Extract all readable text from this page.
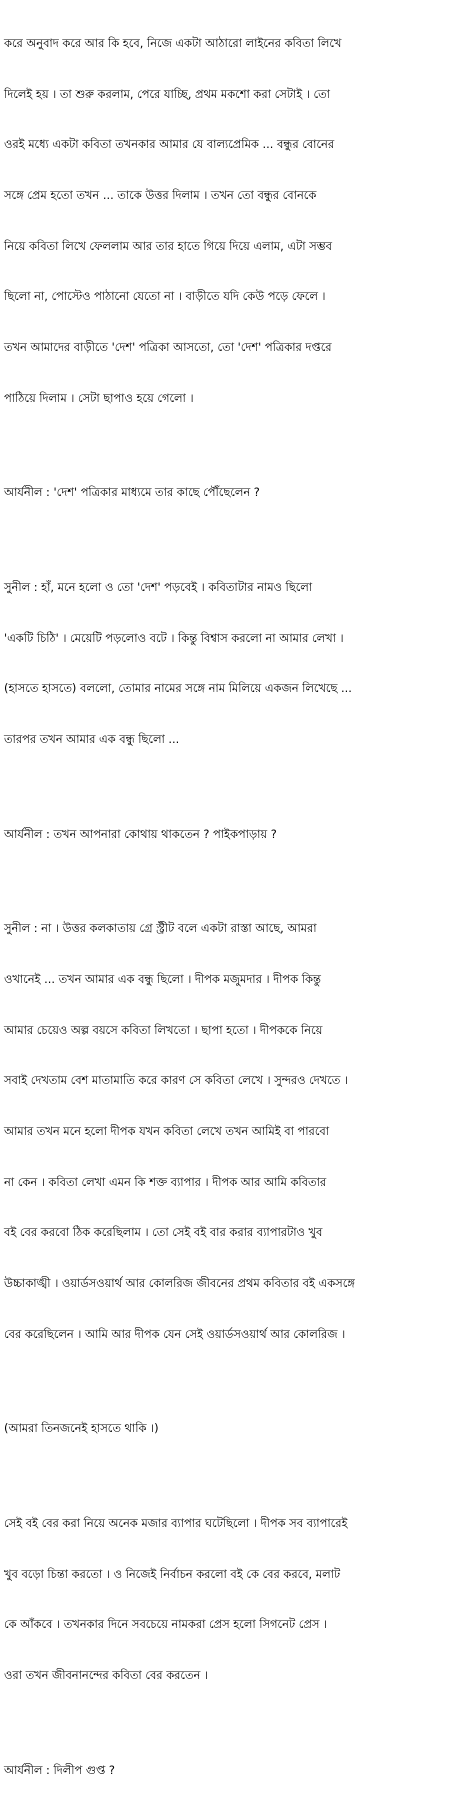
করে অনুবাদ করে আর কি হবে, নিজে একটা আঠারো লাইনের কবিতা লিখে

দিলেই হয় । তা শুরু করলাম, পেরে যাচ্ছি, প্রথম মকশো করা সেটাই । তো

ওরই মধ্যে একটা কবিতা তখনকার আমার যে বাল্যপ্রেমিক ... বন্ধুর বোনের

সঙ্গে প্রেম হতো তখন ... তাকে উত্তর দিলাম । তখন তো বন্ধুর বোনকে

নিয়ে কবিতা লিখে ফেললাম আর তার হাতে গিয়ে দিয়ে এলাম, এটা সম্ভব

ছিলো না, পোস্টেও পাঠানো যেতো না । বাড়ীতে যদি কেউ পড়ে ফেলে ।

তখন আমাদের বাড়ীতে 'দেশ' পত্রিকা আসতো, তো 'দেশ' পত্রিকার দপ্তরে

পাঠিয়ে দিলাম । সেটা ছাপাও হয়ে গেলো ।

আর্যনীল : 'দেশ' পত্রিকার মাধ্যমে তার কাছে পৌঁছেলেন ?

সুনীল : হাঁ, মনে হলো ও তো 'দেশ' পড়বেই । কবিতাটার নামও ছিলো

'একটি চিঠি' । মেয়েটি পড়লোও বটে । কিন্তু বিশ্বাস করলো না আমার লেখা ।

(হাসতে হাসতে) বললো, তোমার নামের সঙ্গে নাম মিলিয়ে একজন লিখেছে ...

তারপর তখন আমার এক বন্ধু ছিলো ...

আর্যনীল : তখন আপনারা কোথায় থাকতেন ? পাইকপাড়ায় ?

সুনীল : না । উত্তর কলকাতায় গ্রে স্ট্রীট বলে একটা রাস্তা আছে, আমরা

ওখানেই ... তখন আমার এক বন্ধু ছিলো । দীপক মজুমদার । দীপক কিন্তু

আমার চেয়েও অল্প বয়সে কবিতা লিখতো । ছাপা হতো । দীপককে নিয়ে

সবাই দেখতাম বেশ মাতামাতি করে কারণ সে কবিতা লেখে । সুন্দরও দেখতে ।

আমার তখন মনে হলো দীপক যখন কবিতা লেখে তখন আমিই বা পারবো

না কেন । কবিতা লেখা এমন কি শক্ত ব্যাপার । দীপক আর আমি কবিতার

বই বের করবো ঠিক করেছিলাম । তো সেই বই বার করার ব্যাপারটাও খুব

উচ্চাকাঙ্খী । ওয়ার্ডসওয়ার্থ আর কোলরিজ জীবনের প্রথম কবিতার বই একসঙ্গে

বের করেছিলেন । আমি আর দীপক যেন সেই ওয়ার্ডসওয়ার্থ আর কোলরিজ ।

(আমরা তিনজনেই হাসতে থাকি ।)

সেই বই বের করা নিয়ে অনেক মজার ব্যাপার ঘটেছিলো । দীপক সব ব্যাপারেই

খুব বড়ো চিন্তা করতো । ও নিজেই নির্বাচন করলো বই কে বের করবে, মলাট

কে আঁকবে । তখনকার দিনে সবচেয়ে নামকরা প্রেস হলো সিগনেট প্রেস ।

ওরা তখন জীবনানন্দের কবিতা বের করতেন ।

আর্যনীল : দিলীপ গুপ্ত ?
